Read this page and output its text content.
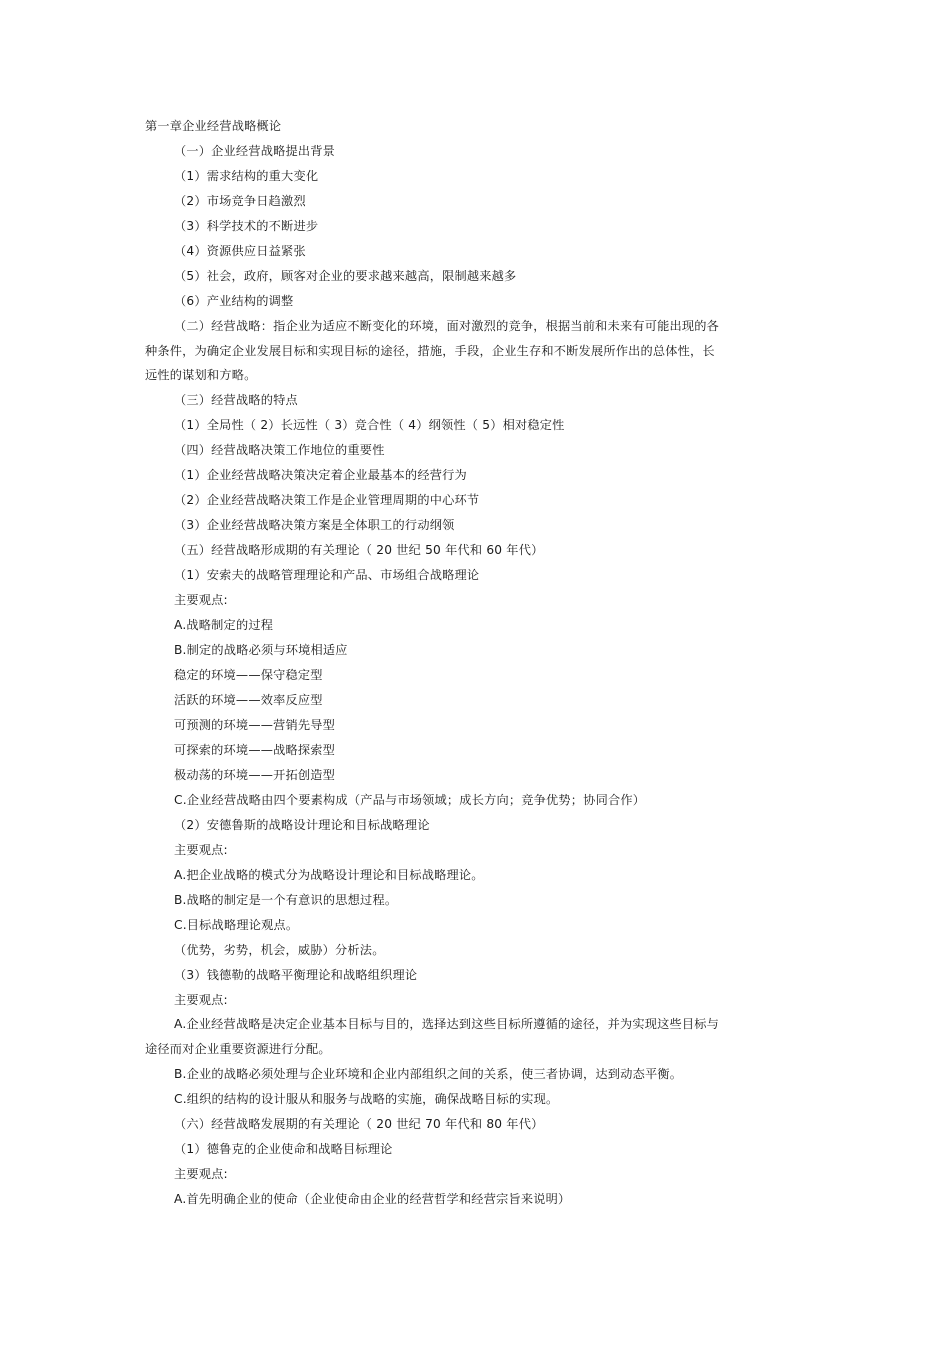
第一章企业经营战略概论
（一）企业经营战略提出背景
（1）需求结构的重大变化
（2）市场竞争日趋激烈
（3）科学技术的不断进步
（4）资源供应日益紧张
（5）社会，政府，顾客对企业的要求越来越高，限制越来越多
（6）产业结构的调整
（二）经营战略：指企业为适应不断变化的环境，面对激烈的竞争，根据当前和未来有可能出现的各
种条件，为确定企业发展目标和实现目标的途径，措施，手段，企业生存和不断发展所作出的总体性，长
远性的谋划和方略。
（三）经营战略的特点
（1）全局性（ 2）长远性（ 3）竞合性（ 4）纲领性（ 5）相对稳定性
（四）经营战略决策工作地位的重要性
（1）企业经营战略决策决定着企业最基本的经营行为
（2）企业经营战略决策工作是企业管理周期的中心环节
（3）企业经营战略决策方案是全体职工的行动纲领
（五）经营战略形成期的有关理论（ 20 世纪 50 年代和 60 年代）
（1）安索夫的战略管理理论和产品、市场组合战略理论
主要观点:
A.战略制定的过程
B.制定的战略必须与环境相适应
稳定的环境——保守稳定型
活跃的环境——效率反应型
可预测的环境——营销先导型
可探索的环境——战略探索型
极动荡的环境——开拓创造型
C.企业经营战略由四个要素构成（产品与市场领域；成长方向；竞争优势；协同合作）
（2）安德鲁斯的战略设计理论和目标战略理论
主要观点:
A.把企业战略的模式分为战略设计理论和目标战略理论。
B.战略的制定是一个有意识的思想过程。
C.目标战略理论观点。
（优势，劣势，机会，威胁）分析法。
（3）钱德勒的战略平衡理论和战略组织理论
主要观点:
A.企业经营战略是决定企业基本目标与目的，选择达到这些目标所遵循的途径，并为实现这些目标与
途径而对企业重要资源进行分配。
B.企业的战略必须处理与企业环境和企业内部组织之间的关系，使三者协调，达到动态平衡。
C.组织的结构的设计服从和服务与战略的实施，确保战略目标的实现。
（六）经营战略发展期的有关理论（ 20 世纪 70 年代和 80 年代）
（1）德鲁克的企业使命和战略目标理论
主要观点:
A.首先明确企业的使命（企业使命由企业的经营哲学和经营宗旨来说明）
